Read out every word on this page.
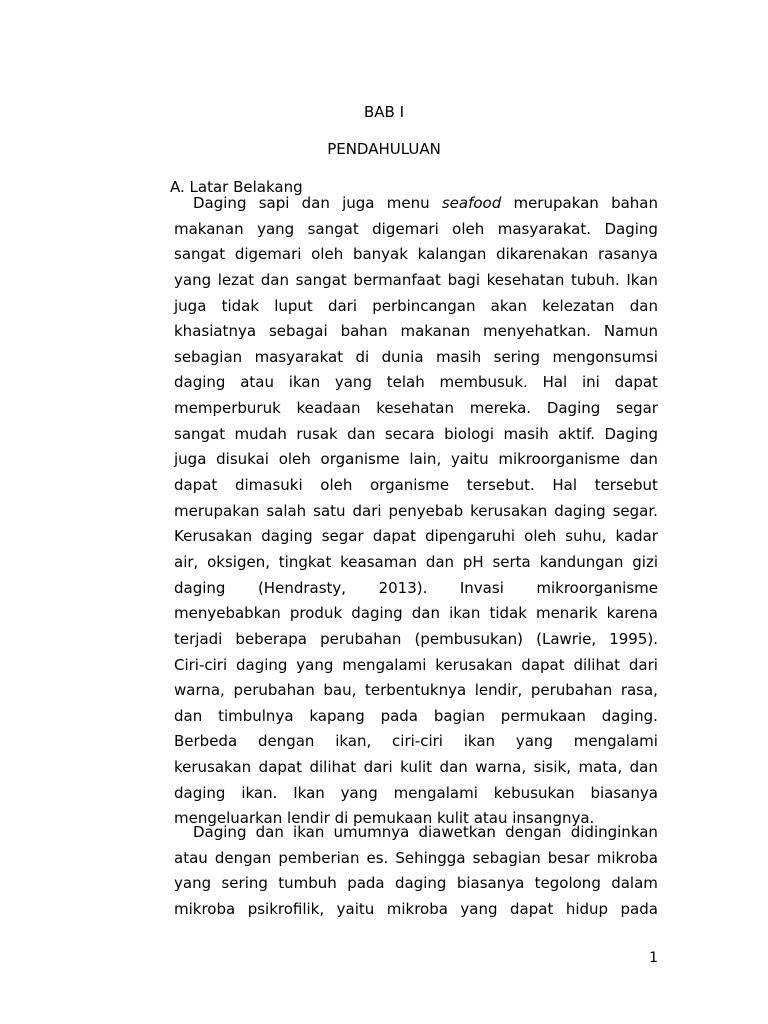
BAB I
PENDAHULUAN
A. Latar Belakang
Daging sapi dan juga menu seafood merupakan bahan
makanan yang sangat digemari oleh masyarakat. Daging
sangat digemari oleh banyak kalangan dikarenakan rasanya
yang lezat dan sangat bermanfaat bagi kesehatan tubuh. Ikan
juga tidak luput dari perbincangan akan kelezatan dan
khasiatnya sebagai bahan makanan menyehatkan. Namun
sebagian masyarakat di dunia masih sering mengonsumsi
daging atau ikan yang telah membusuk. Hal ini dapat
memperburuk keadaan kesehatan mereka. Daging segar
sangat mudah rusak dan secara biologi masih aktif. Daging
juga disukai oleh organisme lain, yaitu mikroorganisme dan
dapat dimasuki oleh organisme tersebut. Hal tersebut
merupakan salah satu dari penyebab kerusakan daging segar.
Kerusakan daging segar dapat dipengaruhi oleh suhu, kadar
air, oksigen, tingkat keasaman dan pH serta kandungan gizi
daging (Hendrasty, 2013). Invasi mikroorganisme
menyebabkan produk daging dan ikan tidak menarik karena
terjadi beberapa perubahan (pembusukan) (Lawrie, 1995).
Ciri-ciri daging yang mengalami kerusakan dapat dilihat dari
warna, perubahan bau, terbentuknya lendir, perubahan rasa,
dan timbulnya kapang pada bagian permukaan daging.
Berbeda dengan ikan, ciri-ciri ikan yang mengalami
kerusakan dapat dilihat dari kulit dan warna, sisik, mata, dan
daging ikan. Ikan yang mengalami kebusukan biasanya
mengeluarkan lendir di pemukaan kulit atau insangnya.
Daging dan ikan umumnya diawetkan dengan didinginkan
atau dengan pemberian es. Sehingga sebagian besar mikroba
yang sering tumbuh pada daging biasanya tegolong dalam
mikroba psikrofilik, yaitu mikroba yang dapat hidup pada
1
